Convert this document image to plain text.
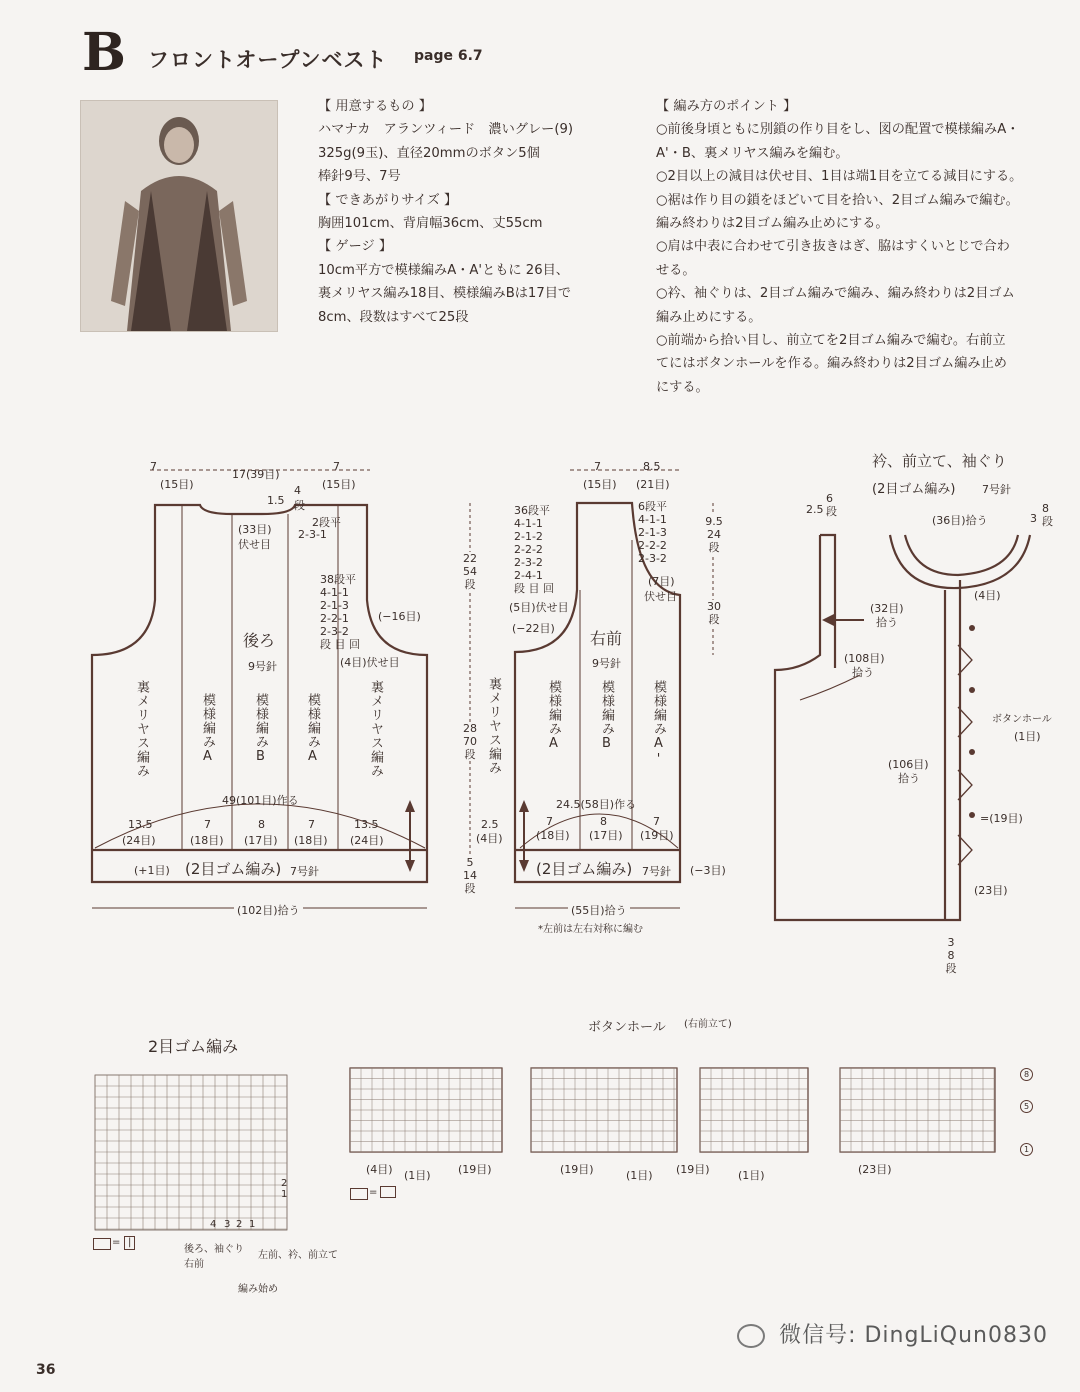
B フロントオープンベスト page 6.7
【 用意するもの 】
ハマナカ　アランツィード　濃いグレー(9)
325g(9玉)、直径20mmのボタン5個
棒針9号、7号
【 できあがりサイズ 】
胸囲101cm、背肩幅36cm、丈55cm
【 ゲージ 】
10cm平方で模様編みA・A'ともに 26目、
裏メリヤス編み18目、模様編みBは17目で
8cm、段数はすべて25段
【 編み方のポイント 】
○前後身頃ともに別鎖の作り目をし、図の配置で模様編みA・
A'・B、裏メリヤス編みを編む。
○2目以上の減目は伏せ目、1目は端1目を立てる減目にする。
○裾は作り目の鎖をほどいて目を拾い、2目ゴム編みで編む。
編み終わりは2目ゴム編み止めにする。
○肩は中表に合わせて引き抜きはぎ、脇はすくいとじで合わ
せる。
○衿、袖ぐりは、2目ゴム編みで編み、編み終わりは2目ゴム
編み止めにする。
○前端から拾い目し、前立てを2目ゴム編みで編む。右前立
てにはボタンホールを作る。編み終わりは2目ゴム編み止め
にする。
7
(15目)
17(39目)
7
(15目)
4
段
1.5
(33目)
伏せ目
2段平
2-3-1
38段平
4-1-1
2-1-3
2-2-1
2-3-2
段 目 回
(4目)伏せ目
(−16目)
後ろ
9号針
裏メリヤス編み	模様編みA	模様編みB	模様編みA	裏メリヤス編み
49(101目)作る
13.5
(24目)
7
(18目)
8
(17目)
7
(18目)
13.5
(24目)
(+1目) (2目ゴム編み) 7号針
(102目)拾う
7
(15目)
8.5
(21目)
36段平
4-1-1
2-1-2
2-2-2
2-3-2
2-4-1
段 目 回
(5目)伏せ目
(−22目)
6段平
4-1-1
2-1-3
2-2-2
2-3-2
(7目)
伏せ目
右前
9号針
裏メリヤス編み	模様編みA	模様編みB	模様編みA'
24.5(58目)作る
2.5
(4目)
7
(18目)
8
(17目)
7
(19目)
(2目ゴム編み) 7号針 (−3目)
(55目)拾う
*左前は左右対称に編む
22
54
段
28
70
段
5
14
段
9.5
24
段
30
段
衿、前立て、袖ぐり
(2目ゴム編み) 7号針
2.5
6
段
3
8
段
(36目)拾う
(4目)
(32目)
拾う
(108目)
拾う
ボタンホール
(1目)
(106目)
拾う
=(19目)
(23目)
3
8
段
2目ゴム編み
4 3 2 1
2
1
= |
後ろ、袖ぐり
右前
左前、衿、前立て
編み始め
ボタンホール (右前立て)
8
5
1
(4目) (1目) (19目)	(19目)	(1目) (19目)	(1目)	(23目)
=
36
微信号: DingLiQun0830
